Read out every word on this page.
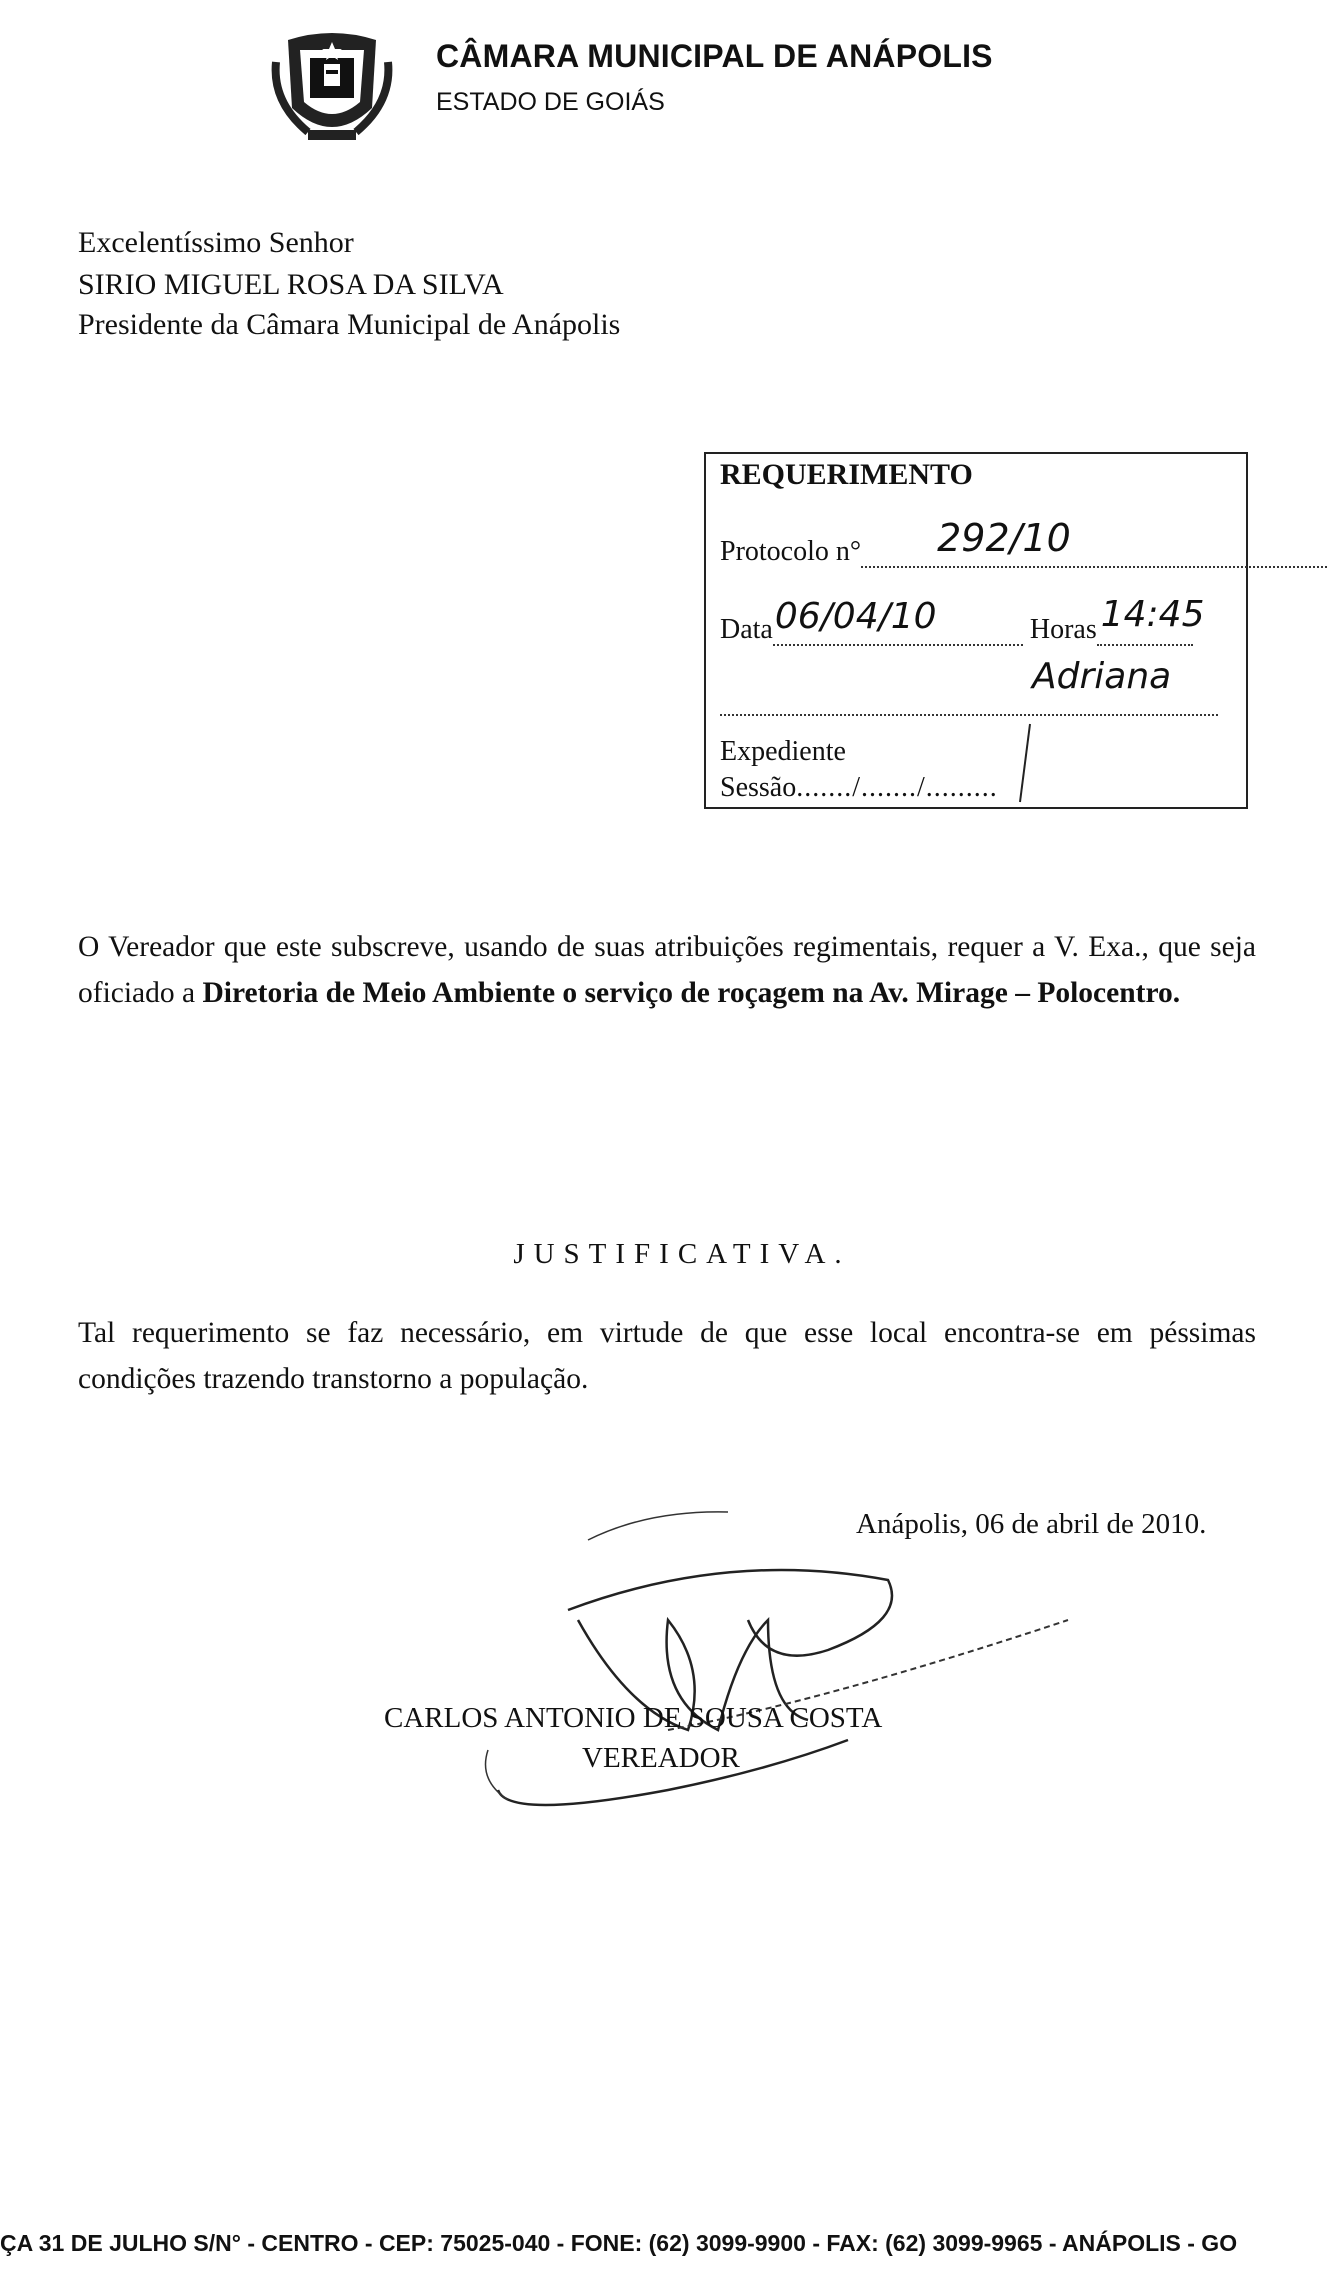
CÂMARA MUNICIPAL DE ANÁPOLIS
ESTADO DE GOIÁS
Excelentíssimo Senhor
SIRIO MIGUEL ROSA DA SILVA
Presidente da Câmara Municipal de Anápolis
REQUERIMENTO
Protocolo n° 292/10
Data 06/04/10	Horas 14:45
Adriana
Expediente
Sessão......./......./.........
O Vereador que este subscreve, usando de suas atribuições regimentais, requer a V. Exa., que seja oficiado a Diretoria de Meio Ambiente o serviço de roçagem na Av. Mirage – Polocentro.
JUSTIFICATIVA.
Tal requerimento se faz necessário, em virtude de que esse local encontra-se em péssimas condições trazendo transtorno a população.
Anápolis, 06 de abril de 2010.
CARLOS ANTONIO DE SOUSA COSTA
VEREADOR
ÇA 31 DE JULHO S/N° - CENTRO - CEP: 75025-040 - FONE: (62) 3099-9900 - FAX: (62) 3099-9965 - ANÁPOLIS - GO
